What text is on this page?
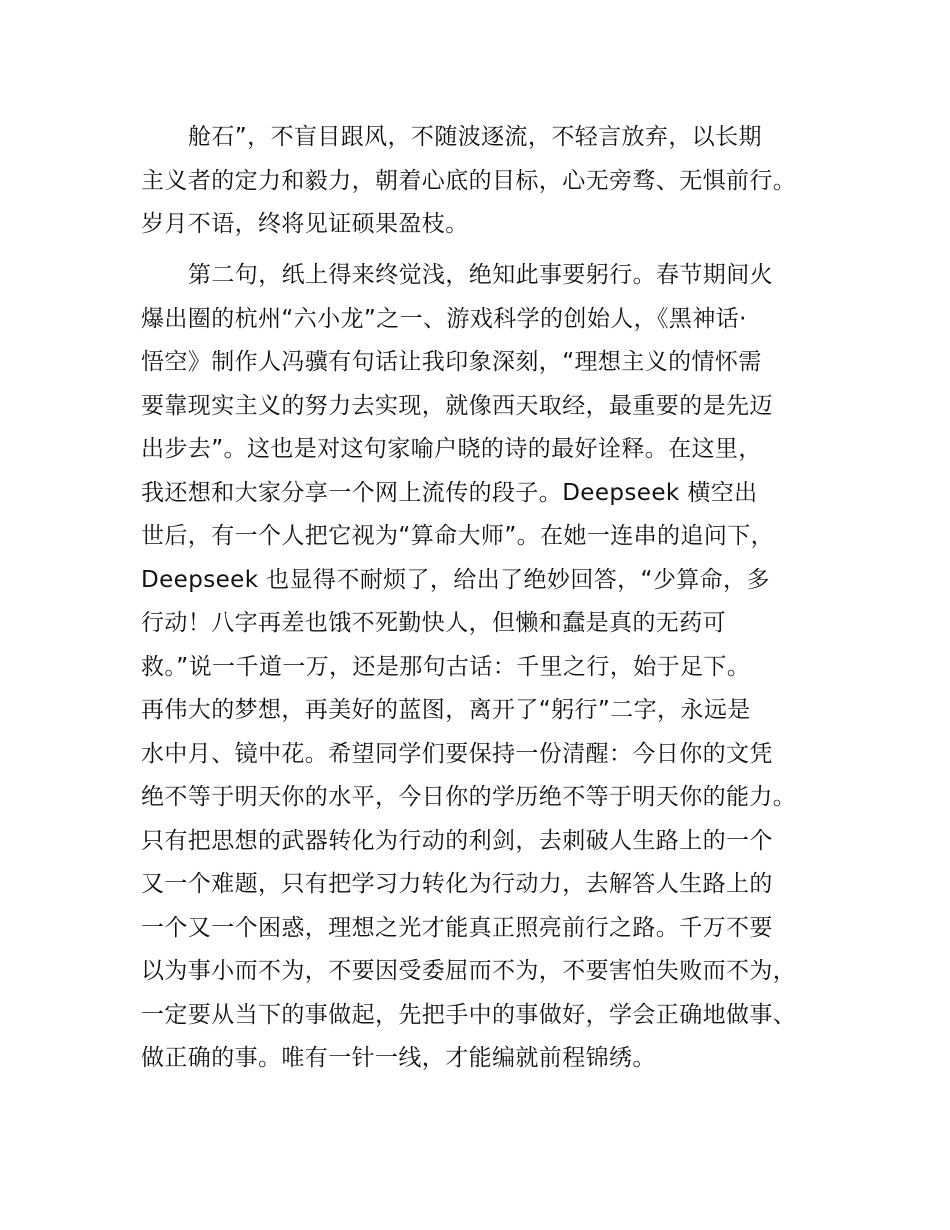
舱石”，不盲目跟风，不随波逐流，不轻言放弃，以长期
主义者的定力和毅力，朝着心底的目标，心无旁骛、无惧前行。
岁月不语，终将见证硕果盈枝。
第二句，纸上得来终觉浅，绝知此事要躬行。春节期间火
爆出圈的杭州“六小龙”之一、游戏科学的创始人，《黑神话·
悟空》制作人冯骥有句话让我印象深刻，“理想主义的情怀需
要靠现实主义的努力去实现，就像西天取经，最重要的是先迈
出步去”。这也是对这句家喻户晓的诗的最好诠释。在这里，
我还想和大家分享一个网上流传的段子。Deepseek 横空出
世后，有一个人把它视为“算命大师”。在她一连串的追问下，
Deepseek 也显得不耐烦了，给出了绝妙回答，“少算命，多
行动！八字再差也饿不死勤快人，但懒和蠢是真的无药可
救。”说一千道一万，还是那句古话：千里之行，始于足下。
再伟大的梦想，再美好的蓝图，离开了“躬行”二字，永远是
水中月、镜中花。希望同学们要保持一份清醒：今日你的文凭
绝不等于明天你的水平，今日你的学历绝不等于明天你的能力。
只有把思想的武器转化为行动的利剑，去刺破人生路上的一个
又一个难题，只有把学习力转化为行动力，去解答人生路上的
一个又一个困惑，理想之光才能真正照亮前行之路。千万不要
以为事小而不为，不要因受委屈而不为，不要害怕失败而不为，
一定要从当下的事做起，先把手中的事做好，学会正确地做事、
做正确的事。唯有一针一线，才能编就前程锦绣。
